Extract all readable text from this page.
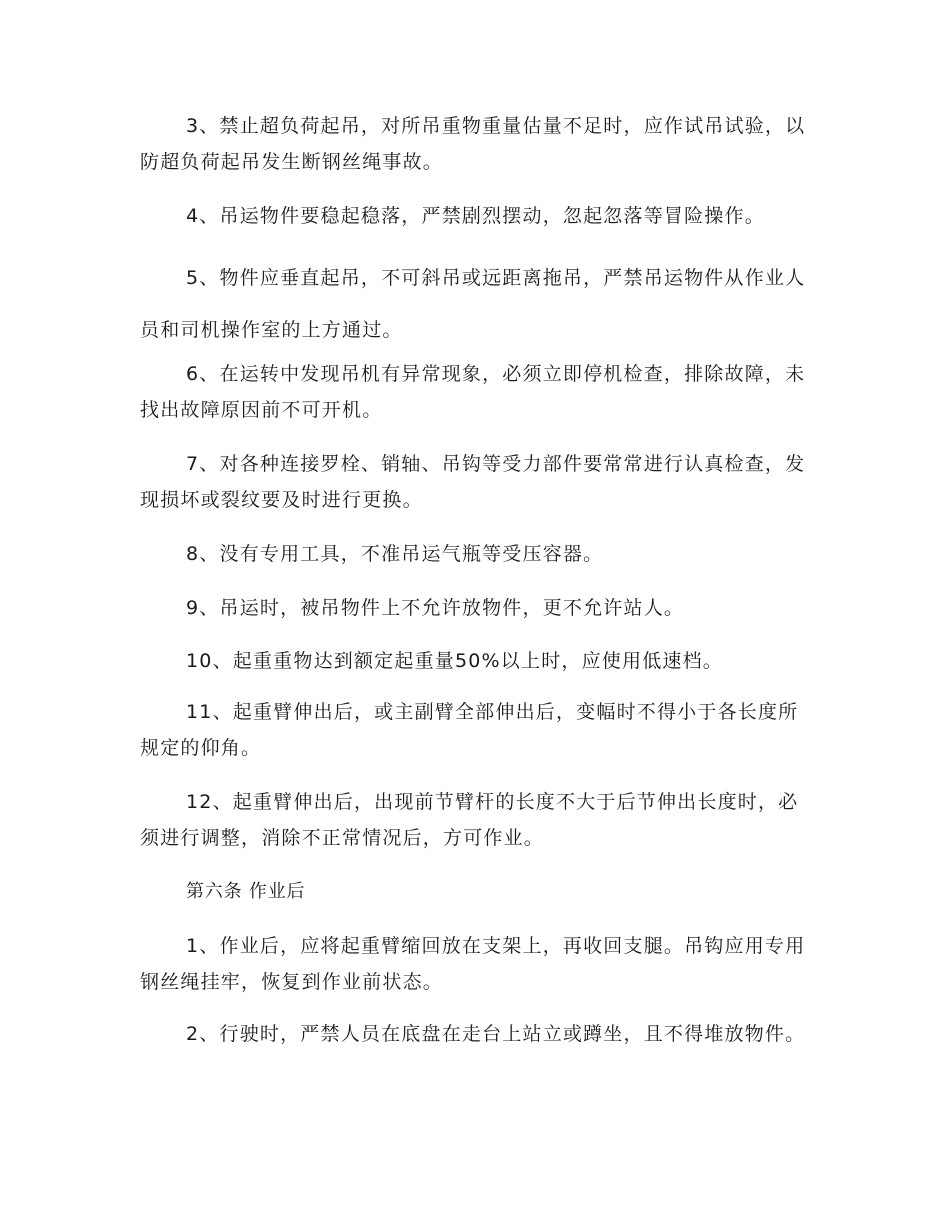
3、禁止超负荷起吊，对所吊重物重量估量不足时，应作试吊试验，以防超负荷起吊发生断钢丝绳事故。

4、吊运物件要稳起稳落，严禁剧烈摆动，忽起忽落等冒险操作。

5、物件应垂直起吊，不可斜吊或远距离拖吊，严禁吊运物件从作业人员和司机操作室的上方通过。

6、在运转中发现吊机有异常现象，必须立即停机检查，排除故障，未找出故障原因前不可开机。

7、对各种连接罗栓、销轴、吊钩等受力部件要常常进行认真检查，发现损坏或裂纹要及时进行更换。

8、没有专用工具，不准吊运气瓶等受压容器。

9、吊运时，被吊物件上不允许放物件，更不允许站人。

10、起重重物达到额定起重量50%以上时，应使用低速档。

11、起重臂伸出后，或主副臂全部伸出后，变幅时不得小于各长度所规定的仰角。

12、起重臂伸出后，出现前节臂杆的长度不大于后节伸出长度时，必须进行调整，消除不正常情况后，方可作业。

第六条 作业后

1、作业后，应将起重臂缩回放在支架上，再收回支腿。吊钩应用专用钢丝绳挂牢，恢复到作业前状态。

2、行驶时，严禁人员在底盘在走台上站立或蹲坐，且不得堆放物件。
